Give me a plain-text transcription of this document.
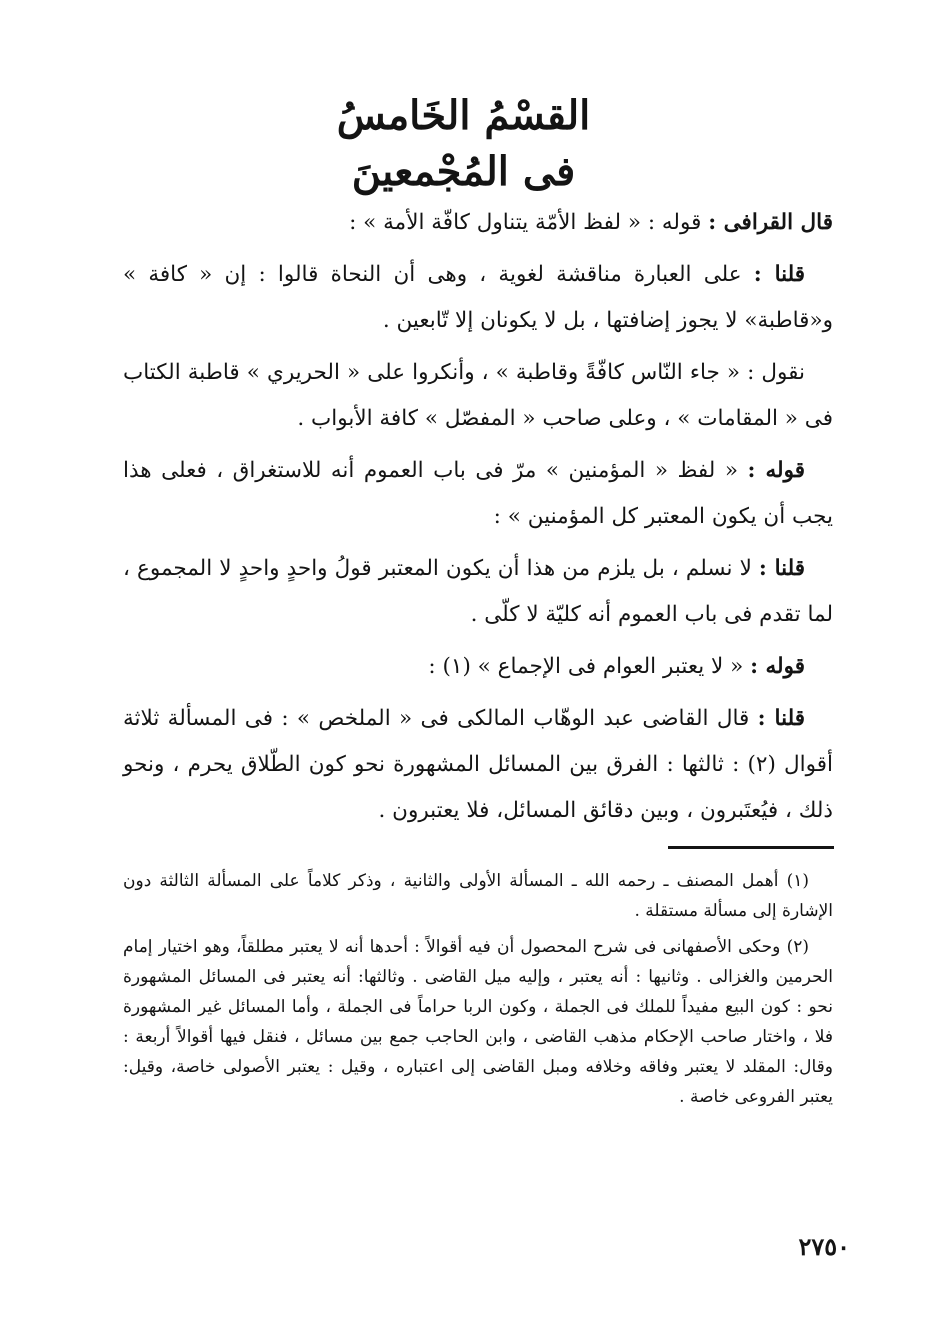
القسْمُ الخَامسُ
فى المُجْمعينَ

قال القرافى : قوله : « لفظ الأمّة يتناول كافّة الأمة » :

قلنا : على العبارة مناقشة لغوية ، وهى أن النحاة قالوا : إن « كافة » و«قاطبة» لا يجوز إضافتها ، بل لا يكونان إلا تّابعين .

نقول : « جاء النّاس كافّةً وقاطبة » ، وأنكروا على « الحريري » قاطبة الكتاب فى « المقامات » ، وعلى صاحب « المفصّل » كافة الأبواب .

قوله : « لفظ « المؤمنين » مرّ فى باب العموم أنه للاستغراق ، فعلى هذا يجب أن يكون المعتبر كل المؤمنين » :

قلنا : لا نسلم ، بل يلزم من هذا أن يكون المعتبر قولُ واحدٍ واحدٍ لا المجموع ، لما تقدم فى باب العموم أنه كليّة لا كلّى .

قوله : « لا يعتبر العوام فى الإجماع » (١) :

قلنا : قال القاضى عبد الوهّاب المالكى فى « الملخص » : فى المسألة ثلاثة أقوال (٢) : ثالثها : الفرق بين المسائل المشهورة نحو كون الطّلاق يحرم ، ونحو ذلك ، فيُعتَبرون ، وبين دقائق المسائل، فلا يعتبرون .

(١) أهمل المصنف ـ رحمه الله ـ المسألة الأولى والثانية ، وذكر كلاماً على المسألة الثالثة دون الإشارة إلى مسألة مستقلة .

(٢) وحكى الأصفهانى فى شرح المحصول أن فيه أقوالاً : أحدها أنه لا يعتبر مطلقاً، وهو اختيار إمام الحرمين والغزالى . وثانيها : أنه يعتبر ، وإليه ميل القاضى . وثالثها: أنه يعتبر فى المسائل المشهورة نحو : كون البيع مفيداً للملك فى الجملة ، وكون الربا حراماً فى الجملة ، وأما المسائل غير المشهورة فلا ، واختار صاحب الإحكام مذهب القاضى ، وابن الحاجب جمع بين مسائل ، فنقل فيها أقوالاً أربعة : وقال: المقلد لا يعتبر وفاقه وخلافه ومبل القاضى إلى اعتباره ، وقيل : يعتبر الأصولى خاصة، وقيل: يعتبر الفروعى خاصة .

٢٧٥٠
